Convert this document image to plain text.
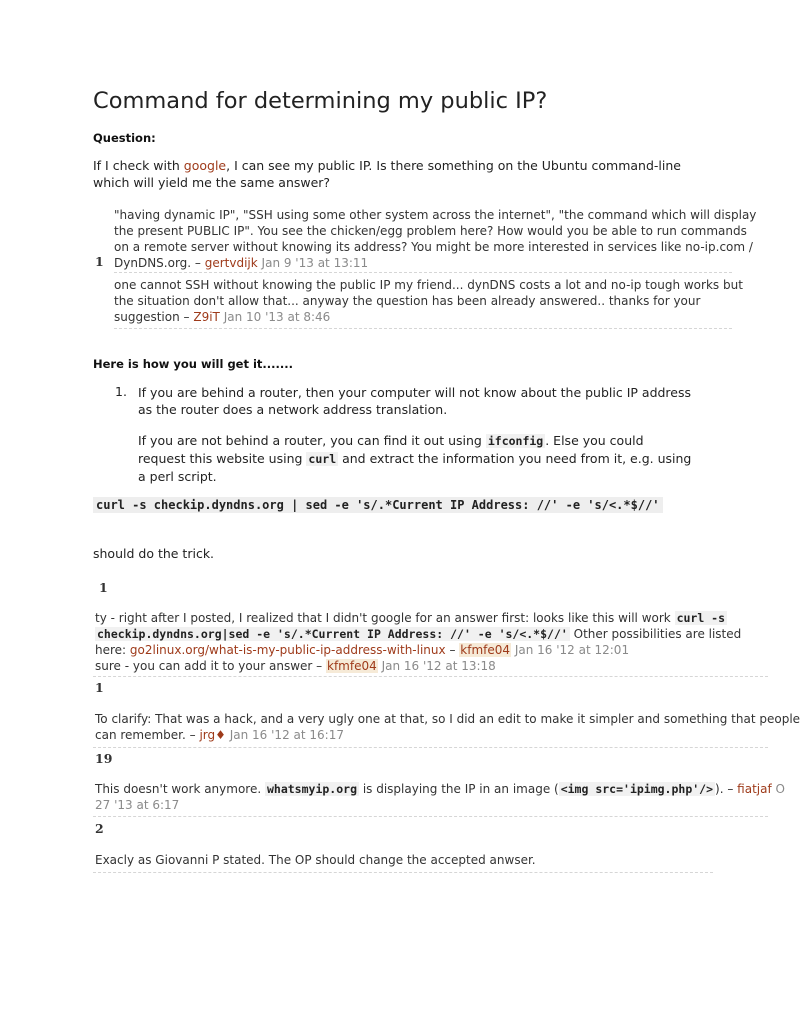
Command for determining my public IP?
Question:
If I check with google, I can see my public IP. Is there something on the Ubuntu command-line
which will yield me the same answer?
"having dynamic IP", "SSH using some other system across the internet", "the command which will display
the present PUBLIC IP". You see the chicken/egg problem here? How would you be able to run commands
on a remote server without knowing its address? You might be more interested in services like no-ip.com /
DynDNS.org. – gertvdijk Jan 9 '13 at 13:11
1
one cannot SSH without knowing the public IP my friend... dynDNS costs a lot and no-ip tough works but
the situation don't allow that... anyway the question has been already answered.. thanks for your
suggestion – Z9iT Jan 10 '13 at 8:46
Here is how you will get it.......
1. If you are behind a router, then your computer will not know about the public IP address
as the router does a network address translation.
If you are not behind a router, you can find it out using ifconfig . Else you could
request this website using curl and extract the information you need from it, e.g. using
a perl script.
curl -s checkip.dyndns.org | sed -e 's/.*Current IP Address: //' -e 's/<.*$//'
should do the trick.
1
ty - right after I posted, I realized that I didn't google for an answer first: looks like this will work curl -s
checkip.dyndns.org|sed -e 's/.*Current IP Address: //' -e 's/<.*$//' Other possibilities are listed
here: go2linux.org/what-is-my-public-ip-address-with-linux – kfmfe04 Jan 16 '12 at 12:01
sure - you can add it to your answer – kfmfe04 Jan 16 '12 at 13:18
1
To clarify: That was a hack, and a very ugly one at that, so I did an edit to make it simpler and something that people
can remember. – jrg♦ Jan 16 '12 at 16:17
19
This doesn't work anymore. whatsmyip.org is displaying the IP in an image ( <img src='ipimg.php'/> ). – fiatjaf O
27 '13 at 6:17
2
Exacly as Giovanni P stated. The OP should change the accepted anwser.
